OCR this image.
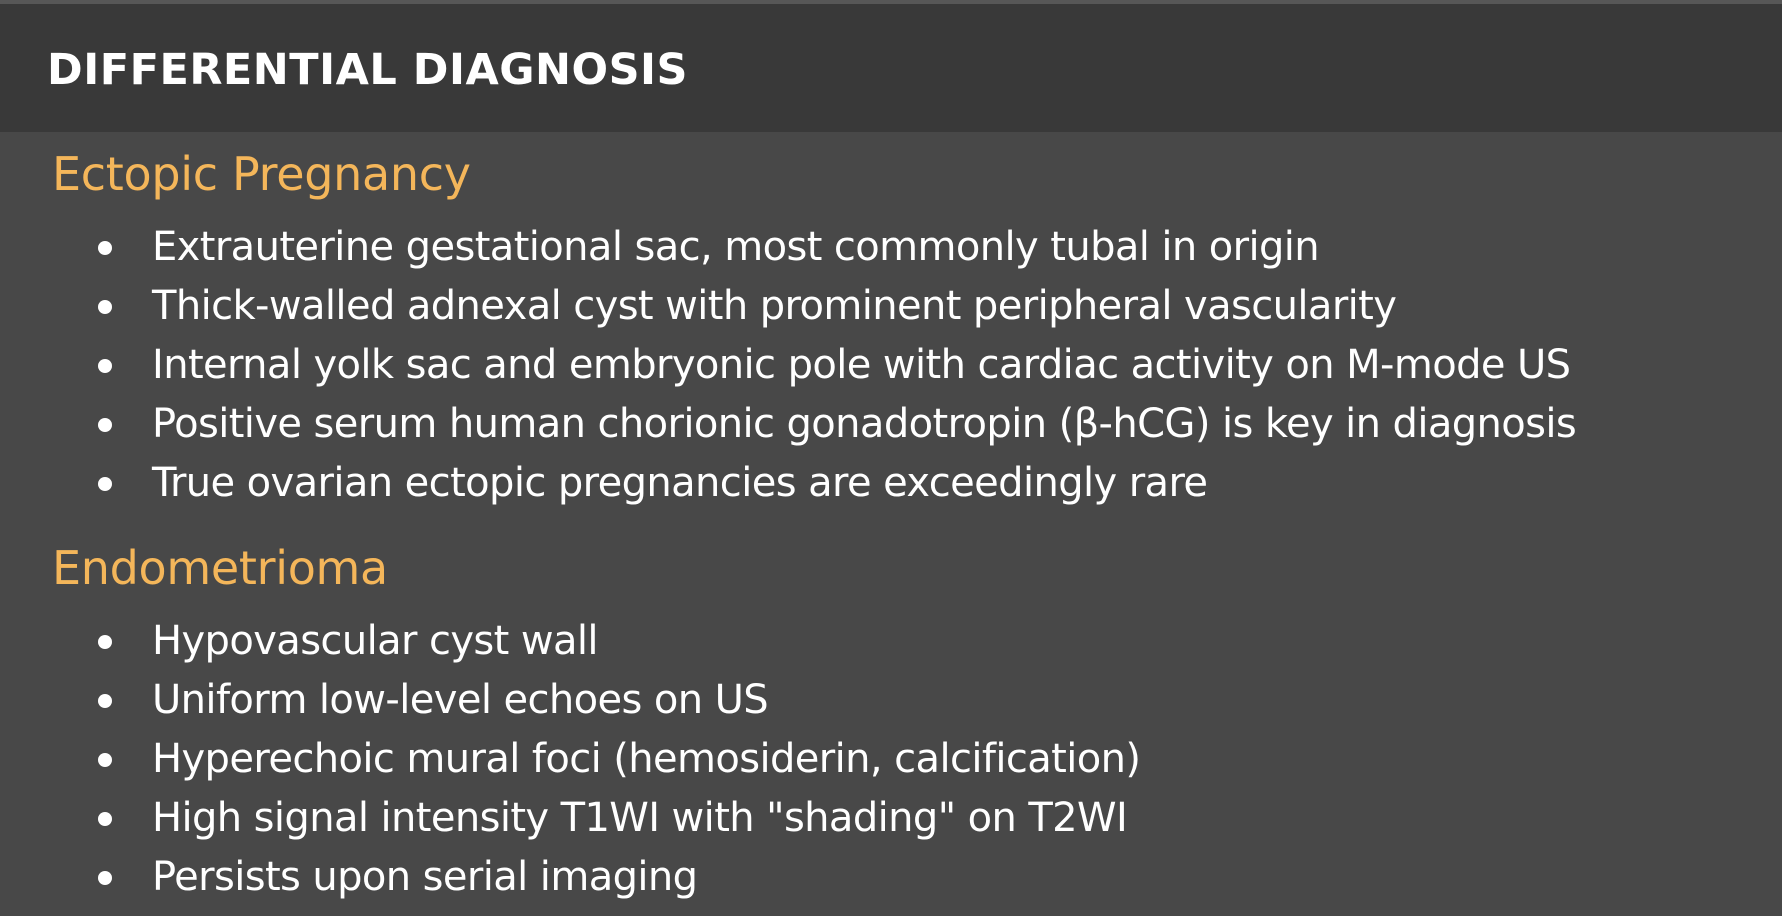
DIFFERENTIAL DIAGNOSIS
Ectopic Pregnancy
Extrauterine gestational sac, most commonly tubal in origin
Thick-walled adnexal cyst with prominent peripheral vascularity
Internal yolk sac and embryonic pole with cardiac activity on M-mode US
Positive serum human chorionic gonadotropin (β-hCG) is key in diagnosis
True ovarian ectopic pregnancies are exceedingly rare
Endometrioma
Hypovascular cyst wall
Uniform low-level echoes on US
Hyperechoic mural foci (hemosiderin, calcification)
High signal intensity T1WI with "shading" on T2WI
Persists upon serial imaging
